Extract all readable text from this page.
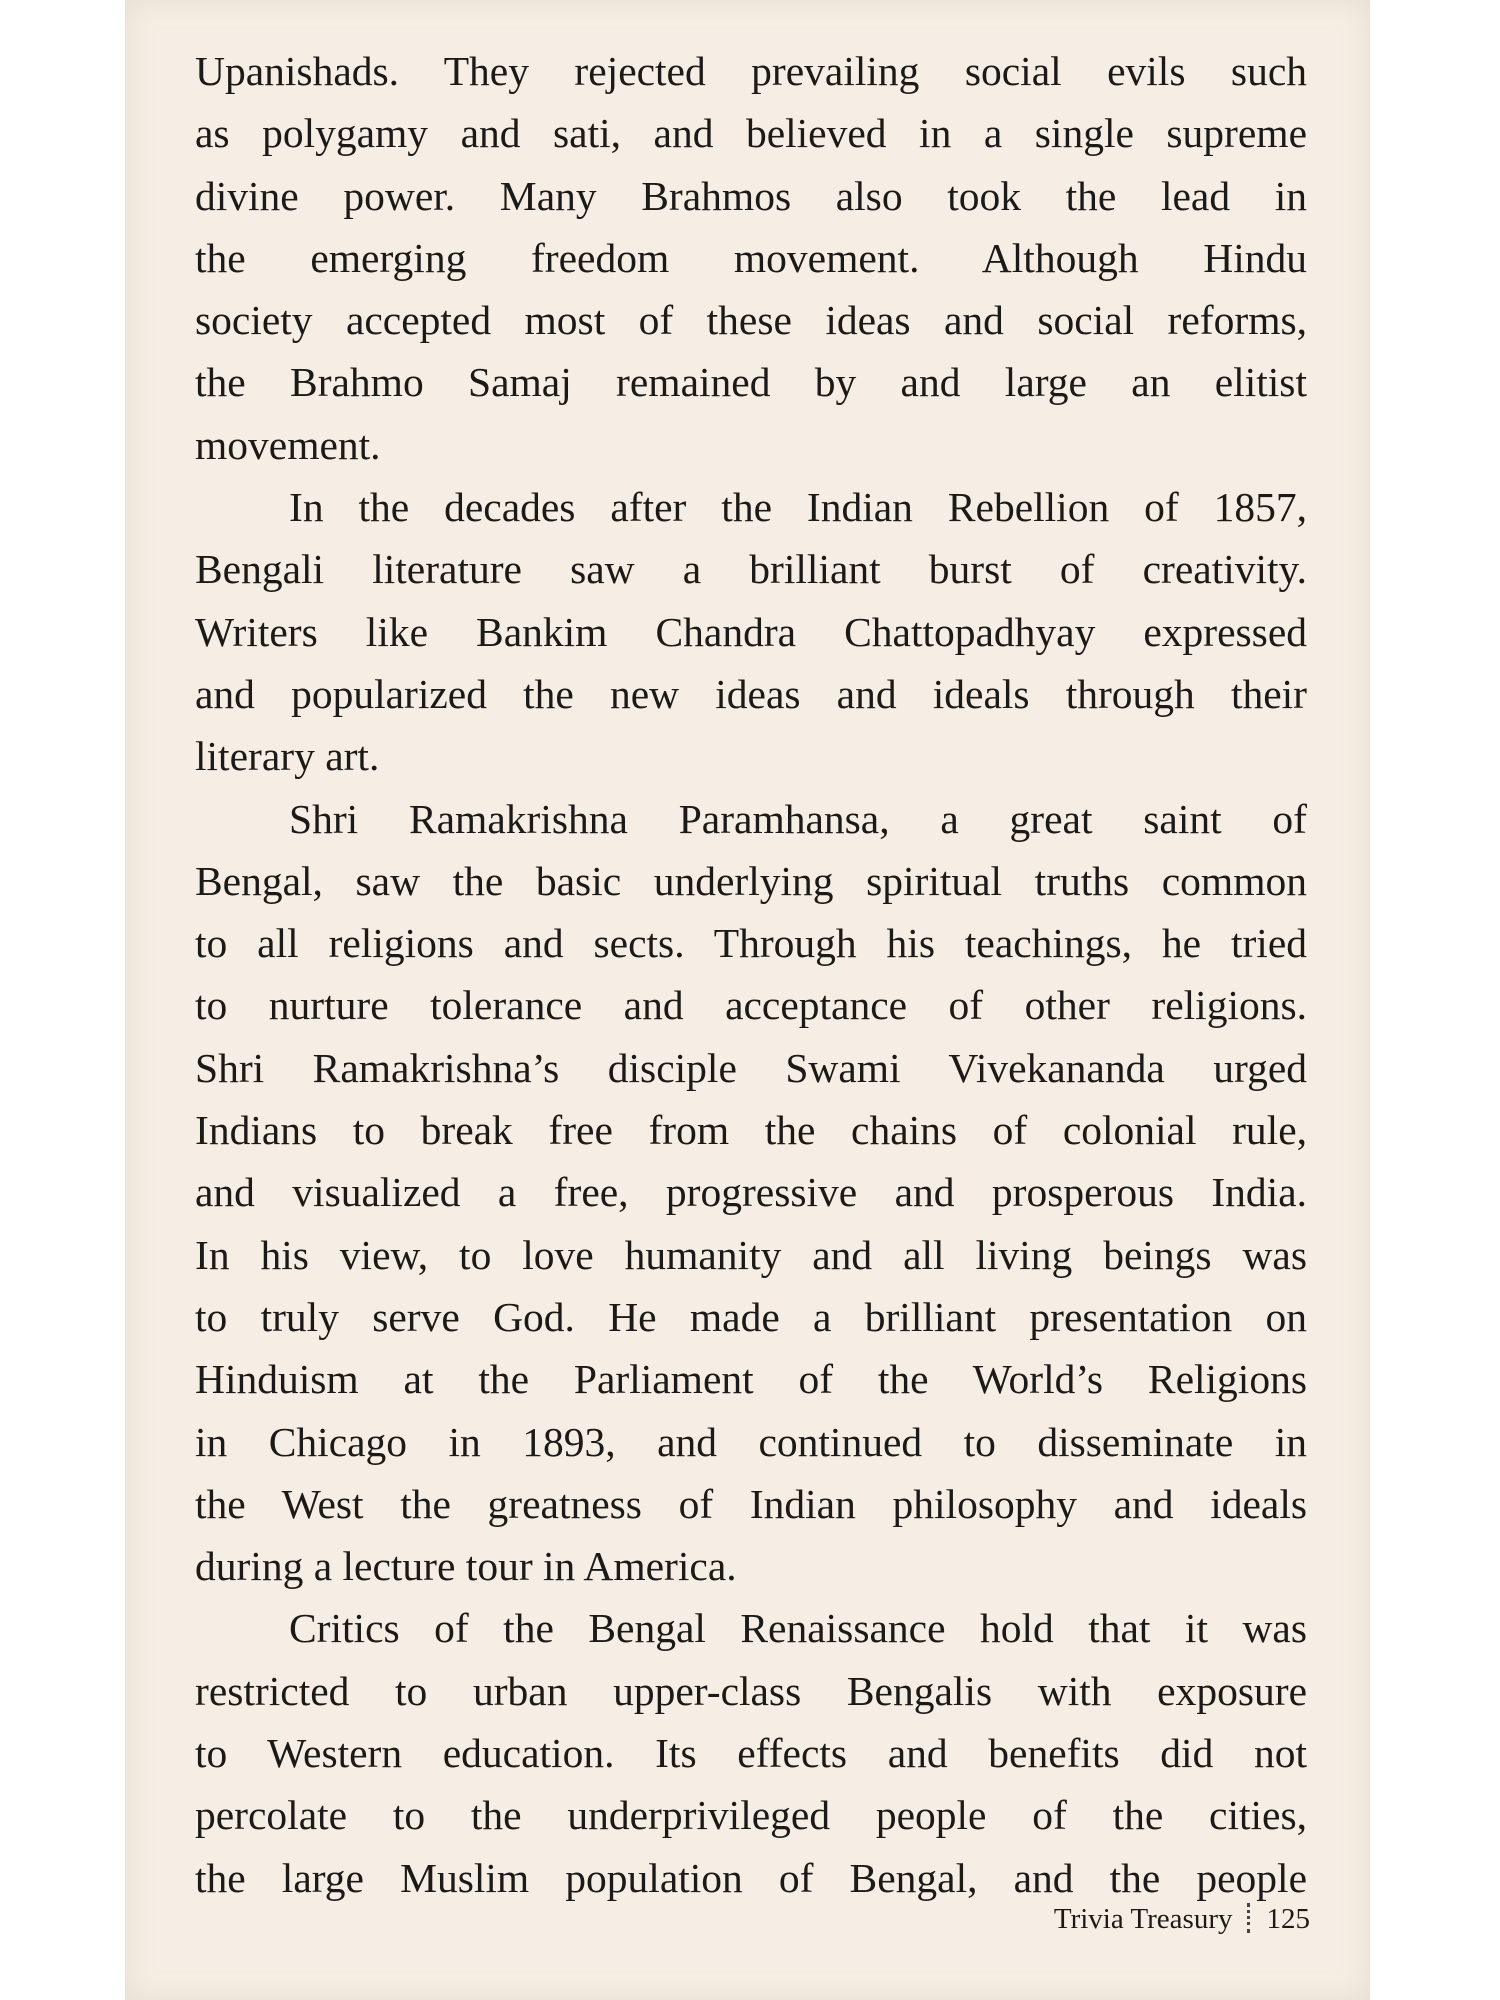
Upanishads. They rejected prevailing social evils such
as polygamy and sati, and believed in a single supreme
divine power. Many Brahmos also took the lead in
the emerging freedom movement. Although Hindu
society accepted most of these ideas and social reforms,
the Brahmo Samaj remained by and large an elitist
movement.
In the decades after the Indian Rebellion of 1857,
Bengali literature saw a brilliant burst of creativity.
Writers like Bankim Chandra Chattopadhyay expressed
and popularized the new ideas and ideals through their
literary art.
Shri Ramakrishna Paramhansa, a great saint of
Bengal, saw the basic underlying spiritual truths common
to all religions and sects. Through his teachings, he tried
to nurture tolerance and acceptance of other religions.
Shri Ramakrishna’s disciple Swami Vivekananda urged
Indians to break free from the chains of colonial rule,
and visualized a free, progressive and prosperous India.
In his view, to love humanity and all living beings was
to truly serve God. He made a brilliant presentation on
Hinduism at the Parliament of the World’s Religions
in Chicago in 1893, and continued to disseminate in
the West the greatness of Indian philosophy and ideals
during a lecture tour in America.
Critics of the Bengal Renaissance hold that it was
restricted to urban upper-class Bengalis with exposure
to Western education. Its effects and benefits did not
percolate to the underprivileged people of the cities,
the large Muslim population of Bengal, and the people
Trivia Treasury 125
